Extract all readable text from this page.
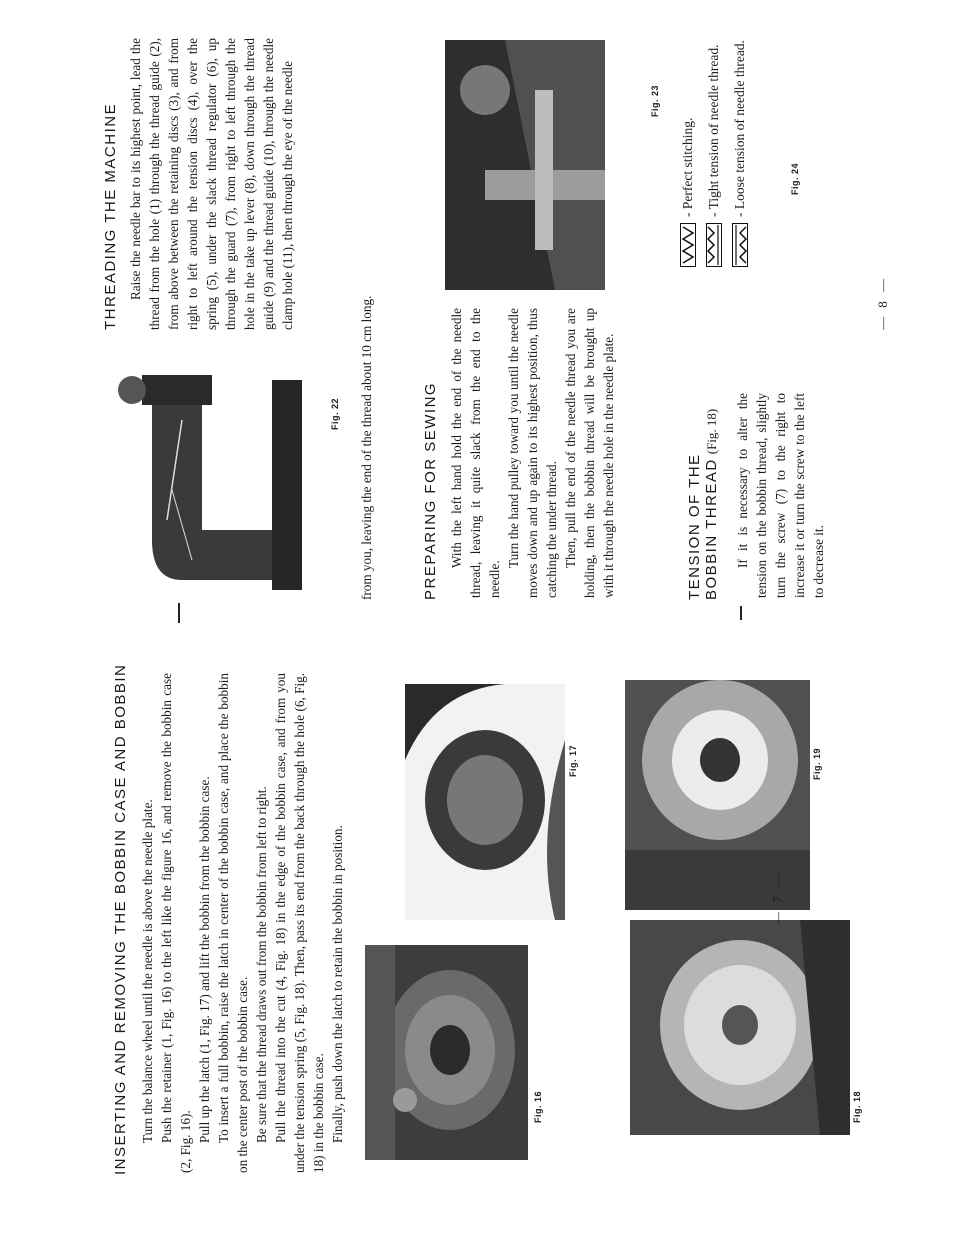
INSERTING AND REMOVING THE BOBBIN CASE AND BOBBIN Turn the balance wheel until the needle is above the needle plate. Push the retainer (1, Fig. 16) to the left like the figure 16, and remove the bobbin case (2, Fig. 16). Pull up the latch (1, Fig. 17) and lift the bobbin from the bobbin case. To insert a full bobbin, raise the latch in center of the bobbin case, and place the bobbin on the center post of the bobbin case. Be sure that the thread draws out from the bobbin from left to right. Pull the thread into the cut (4, Fig. 18) in the edge of the bobbin case, and from you under the tension spring (5, Fig. 18). Then, pass its end from the back through the hole (6, Fig. 18) in the bobbin case. Finally, push down the latch to retain the bobbin in position.	Fig. 16	Fig. 18
Fig. 17	Fig. 19
— 7 —
Fig. 22
THREADING THE MACHINE Raise the needle bar to its highest point, lead the thread from the hole (1) through the thread guide (2), from above between the retaining discs (3), and from right to left around the tension discs (4), over the spring (5), under the slack thread regulator (6), up through the guard (7), from right to left through the hole in the take up lever (8), down through the thread guide (9) and the thread guide (10), through the needle clamp hole (11), then through the eye of the needle
from you, leaving the end of the thread about 10 cm long.
Fig. 23
PREPARING FOR SEWING With the left hand hold the end of the needle thread, leaving it quite slack from the end to the needle.

Turn the hand pulley toward you until the needle moves down and up again to its highest position, thus catching the under thread. Then, pull the end of the needle thread you are holding, then the bobbin thread will be brought up with it through the needle hole in the needle plate.	TENSION OF THE BOBBIN THREAD (Fig. 18) If it is necessary to alter the tension on the bobbin thread, slightly turn the screw (7) to the right to increase it or turn the screw to the left to decrease it.
- Perfect stitching. - Tight tension of needle thread. - Loose tension of needle thread.	Fig. 24
— 8 —
